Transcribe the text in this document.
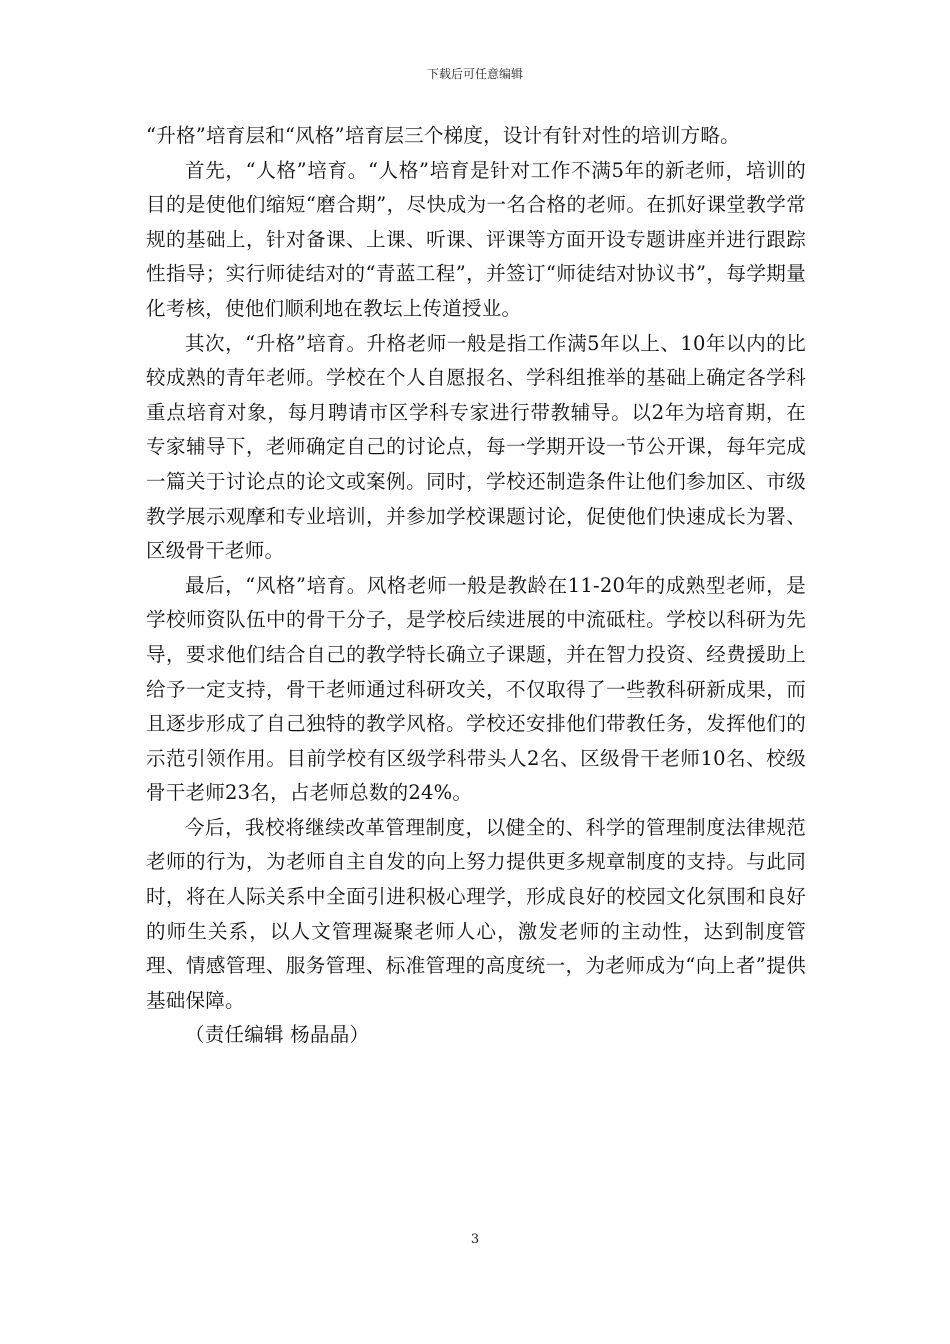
下载后可任意编辑

“升格”培育层和“风格”培育层三个梯度，设计有针对性的培训方略。

首先，“人格”培育。“人格”培育是针对工作不满5年的新老师，培训的目的是使他们缩短“磨合期”，尽快成为一名合格的老师。在抓好课堂教学常规的基础上，针对备课、上课、听课、评课等方面开设专题讲座并进行跟踪性指导；实行师徒结对的“青蓝工程”，并签订“师徒结对协议书”，每学期量化考核，使他们顺利地在教坛上传道授业。

其次，“升格”培育。升格老师一般是指工作满5年以上、10年以内的比较成熟的青年老师。学校在个人自愿报名、学科组推举的基础上确定各学科重点培育对象，每月聘请市区学科专家进行带教辅导。以2年为培育期，在专家辅导下，老师确定自己的讨论点，每一学期开设一节公开课，每年完成一篇关于讨论点的论文或案例。同时，学校还制造条件让他们参加区、市级教学展示观摩和专业培训，并参加学校课题讨论，促使他们快速成长为署、区级骨干老师。

最后，“风格”培育。风格老师一般是教龄在11-20年的成熟型老师，是学校师资队伍中的骨干分子，是学校后续进展的中流砥柱。学校以科研为先导，要求他们结合自己的教学特长确立子课题，并在智力投资、经费援助上给予一定支持，骨干老师通过科研攻关，不仅取得了一些教科研新成果，而且逐步形成了自己独特的教学风格。学校还安排他们带教任务，发挥他们的示范引领作用。目前学校有区级学科带头人2名、区级骨干老师10名、校级骨干老师23名，占老师总数的24%。

今后，我校将继续改革管理制度，以健全的、科学的管理制度法律规范老师的行为，为老师自主自发的向上努力提供更多规章制度的支持。与此同时，将在人际关系中全面引进积极心理学，形成良好的校园文化氛围和良好的师生关系，以人文管理凝聚老师人心，激发老师的主动性，达到制度管理、情感管理、服务管理、标准管理的高度统一，为老师成为“向上者”提供基础保障。

（责任编辑 杨晶晶）

3
